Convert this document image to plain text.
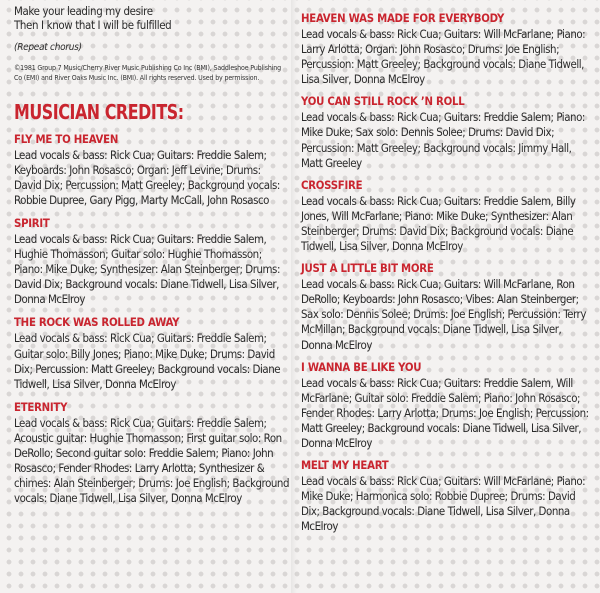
Make your leading my desire
Then I know that I will be fulfilled
(Repeat chorus)
©1981 Group 7 Music/Cherry River Music Publishing Co Inc (BMI), Saddleshoe Publishing Co (EMI) and River Oaks Music Inc. (BMI). All rights reserved. Used by permission.
MUSICIAN CREDITS:
FLY ME TO HEAVEN
Lead vocals & bass: Rick Cua; Guitars: Freddie Salem; Keyboards: John Rosasco; Organ: Jeff Levine; Drums: David Dix; Percussion: Matt Greeley; Background vocals: Robbie Dupree, Gary Pigg, Marty McCall, John Rosasco
SPIRIT
Lead vocals & bass: Rick Cua; Guitars: Freddie Salem, Hughie Thomasson; Guitar solo: Hughie Thomasson; Piano: Mike Duke; Synthesizer: Alan Steinberger; Drums: David Dix; Background vocals: Diane Tidwell, Lisa Silver, Donna McElroy
THE ROCK WAS ROLLED AWAY
Lead vocals & bass: Rick Cua; Guitars: Freddie Salem; Guitar solo: Billy Jones; Piano: Mike Duke; Drums: David Dix; Percussion: Matt Greeley; Background vocals: Diane Tidwell, Lisa Silver, Donna McElroy
ETERNITY
Lead vocals & bass: Rick Cua; Guitars: Freddie Salem; Acoustic guitar: Hughie Thomasson; First guitar solo: Ron DeRollo; Second guitar solo: Freddie Salem; Piano: John Rosasco; Fender Rhodes: Larry Arlotta; Synthesizer & chimes: Alan Steinberger; Drums: Joe English; Background vocals: Diane Tidwell, Lisa Silver, Donna McElroy
HEAVEN WAS MADE FOR EVERYBODY
Lead vocals & bass: Rick Cua; Guitars: Will McFarlane; Piano: Larry Arlotta; Organ: John Rosasco; Drums: Joe English; Percussion: Matt Greeley; Background vocals: Diane Tidwell, Lisa Silver, Donna McElroy
YOU CAN STILL ROCK ’N ROLL
Lead vocals & bass: Rick Cua; Guitars: Freddie Salem; Piano: Mike Duke; Sax solo: Dennis Solee; Drums: David Dix; Percussion: Matt Greeley; Background vocals: Jimmy Hall, Matt Greeley
CROSSFIRE
Lead vocals & bass: Rick Cua; Guitars: Freddie Salem, Billy Jones, Will McFarlane; Piano: Mike Duke; Synthesizer: Alan Steinberger; Drums: David Dix; Background vocals: Diane Tidwell, Lisa Silver, Donna McElroy
JUST A LITTLE BIT MORE
Lead vocals & bass: Rick Cua; Guitars: Will McFarlane, Ron DeRollo; Keyboards: John Rosasco; Vibes: Alan Steinberger; Sax solo: Dennis Solee; Drums: Joe English; Percussion: Terry McMillan; Background vocals: Diane Tidwell, Lisa Silver, Donna McElroy
I WANNA BE LIKE YOU
Lead vocals & bass: Rick Cua; Guitars: Freddie Salem, Will McFarlane; Guitar solo: Freddie Salem; Piano: John Rosasco; Fender Rhodes: Larry Arlotta; Drums: Joe English; Percussion: Matt Greeley; Background vocals: Diane Tidwell, Lisa Silver, Donna McElroy
MELT MY HEART
Lead vocals & bass: Rick Cua; Guitars: Will McFarlane; Piano: Mike Duke; Harmonica solo: Robbie Dupree; Drums: David Dix; Background vocals: Diane Tidwell, Lisa Silver, Donna McElroy
